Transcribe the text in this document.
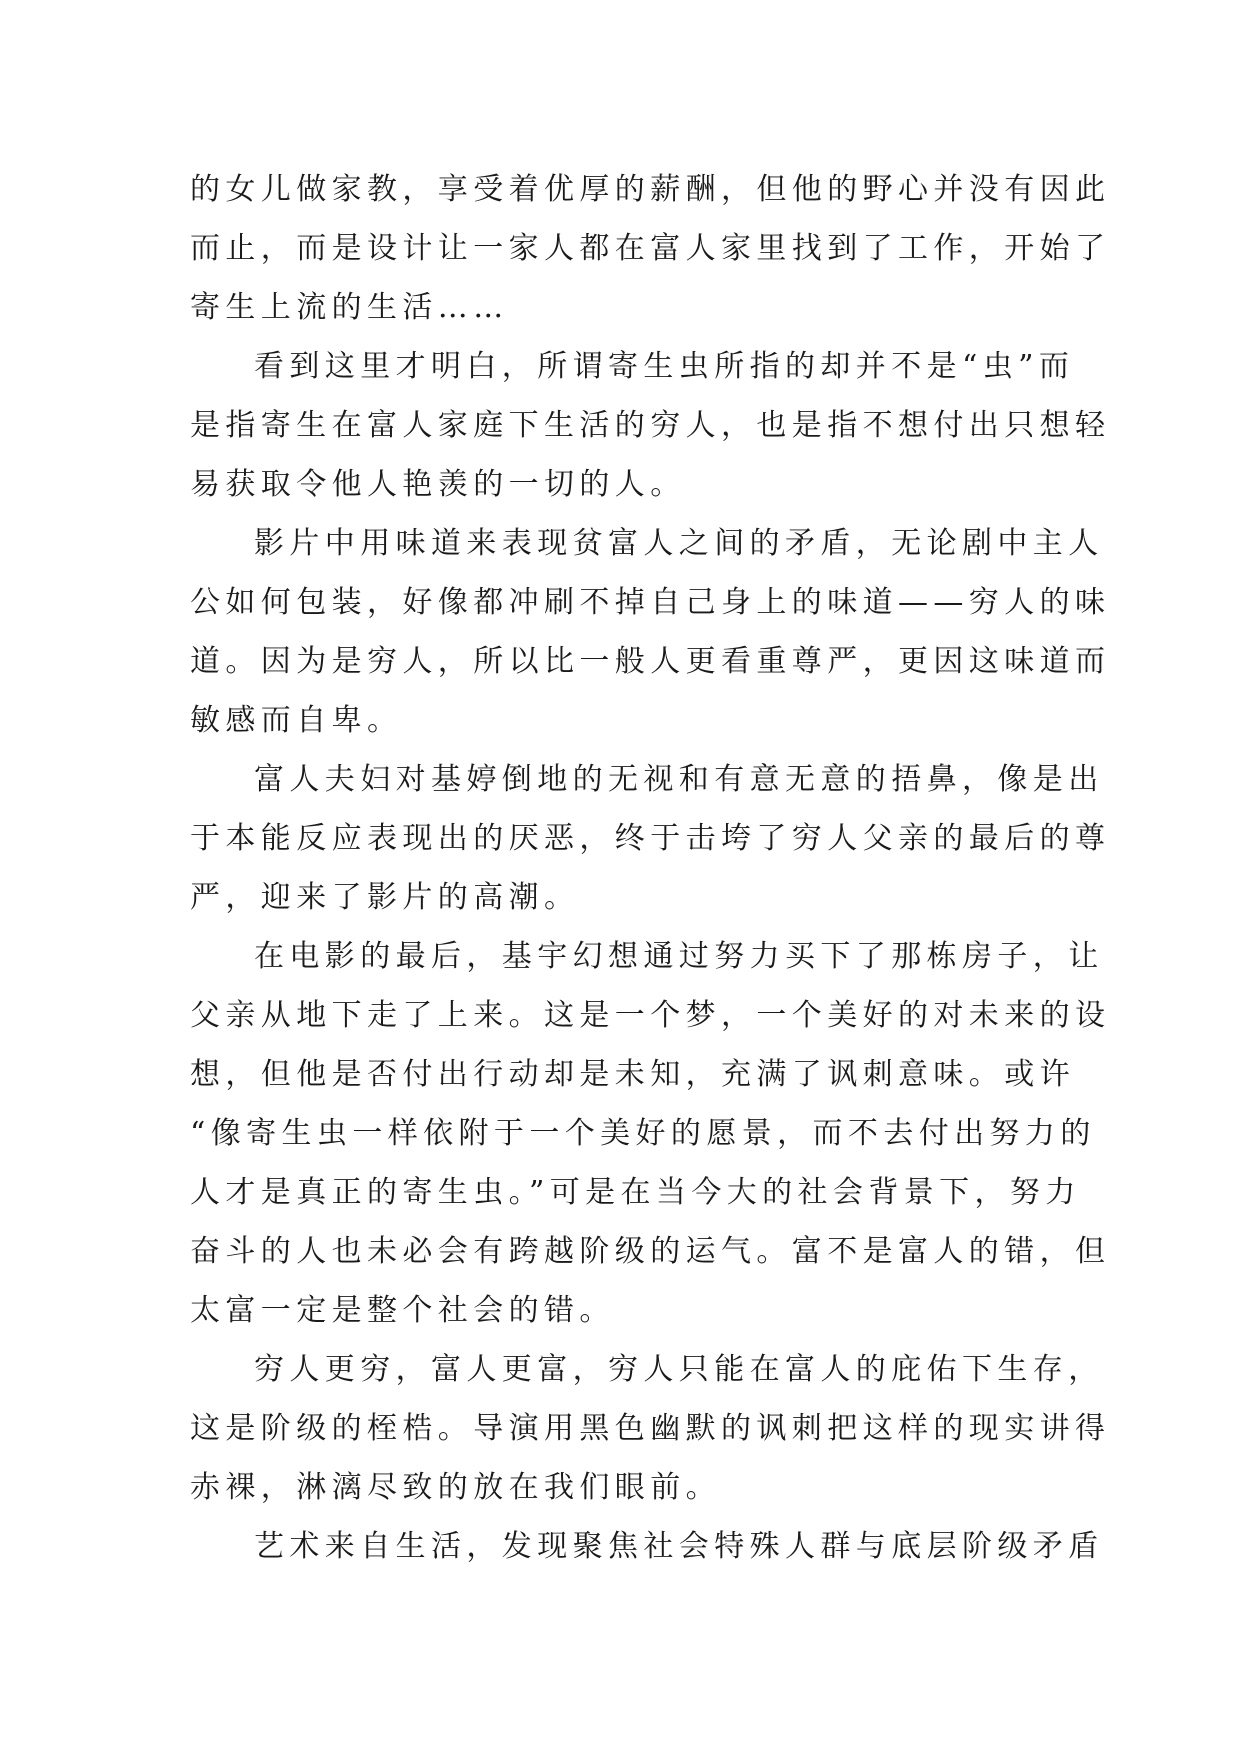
的女儿做家教，享受着优厚的薪酬，但他的野心并没有因此
而止，而是设计让一家人都在富人家里找到了工作，开始了
寄生上流的生活……
看到这里才明白，所谓寄生虫所指的却并不是“虫”而
是指寄生在富人家庭下生活的穷人，也是指不想付出只想轻
易获取令他人艳羡的一切的人。
影片中用味道来表现贫富人之间的矛盾，无论剧中主人
公如何包装，好像都冲刷不掉自己身上的味道——穷人的味
道。因为是穷人，所以比一般人更看重尊严，更因这味道而
敏感而自卑。
富人夫妇对基婷倒地的无视和有意无意的捂鼻，像是出
于本能反应表现出的厌恶，终于击垮了穷人父亲的最后的尊
严，迎来了影片的高潮。
在电影的最后，基宇幻想通过努力买下了那栋房子，让
父亲从地下走了上来。这是一个梦，一个美好的对未来的设
想，但他是否付出行动却是未知，充满了讽刺意味。或许
“像寄生虫一样依附于一个美好的愿景，而不去付出努力的
人才是真正的寄生虫。”可是在当今大的社会背景下，努力
奋斗的人也未必会有跨越阶级的运气。富不是富人的错，但
太富一定是整个社会的错。
穷人更穷，富人更富，穷人只能在富人的庇佑下生存，
这是阶级的桎梏。导演用黑色幽默的讽刺把这样的现实讲得
赤裸，淋漓尽致的放在我们眼前。
艺术来自生活，发现聚焦社会特殊人群与底层阶级矛盾
